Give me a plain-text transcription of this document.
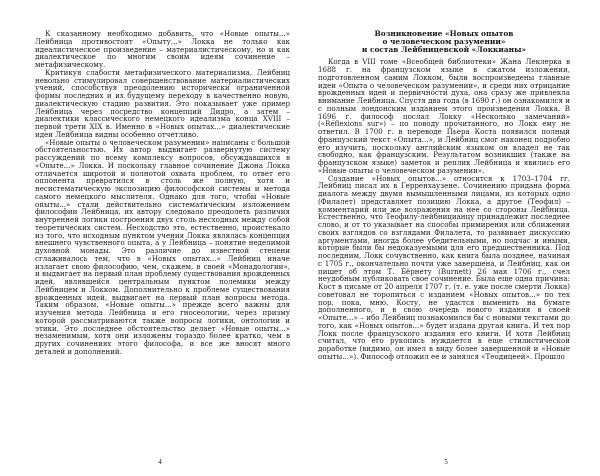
К сказанному необходимо добавить, что «Новые опыты...» Лейбница противостоят «Опыту...» Локка не только как идеалистическое произведение – материалистическому, но и как диалектическое по многим своим идеям сочинение – метафизическому.

Критикуя слабости метафизического материализма, Лейбниц невольно стимулировал совершенствование материалистических учений, способствуя преодолению исторически ограниченной формы последних и их будущему переходу в качественно новую, диалектическую стадию развития. Это показывает уже пример Лейбница через посредство концепций Дидро, а затем – диалектики классического немецкого идеализма конца XVIII – первой трети XIX в. Именно в «Новых опытах...» диалектические идеи Лейбница видны особенно отчетливо.

«Новые опыты о человеческом разумении» написаны с большой обстоятельностью. Их автор выдвигает развернутую систему рассуждений по всему комплексу вопросов, обсуждавшихся в «Опыте...» Локка. И поскольку главное сочинение Джона Локка отличается широтой и полнотой охвата проблем, то ответ его оппонента превратился в столь же полную, хотя и несистематическую экспозицию философской системы и метода самого немецкого мыслителя. Однако для того, чтобы «Новые опыты...» стали действительно систематическим изложением философии Лейбница, их автору следовало преодолеть различия внутренней логики построения двух столь несходных между собой теоретических систем. Несходство это, естественно, проистекало из того, что исходным пунктом учения Локка являлась концепция внешнего чувственного опыта, а у Лейбница – понятие неделимой духовной монады. Это различие до известной степени сглаживалось тем, что в «Новых опытах...» Лейбниц иначе излагает свою философию, чем, скажем, в своей «Монадологии», и выдвигает на первый план проблему существования врожденных идей, являвшейся центральным пунктом полемики между Лейбницем и Локком. Дополнительно к проблеме существования врожденных идей, выдвигает на первый план вопросы метода. Таким образом, «Новые опыты...» прежде всего важны для изучения метода Лейбница и его гносеологии, через призму которой рассматриваются также вопросы логики, онтологии и этики. Это последнее обстоятельство делает «Новые опыты...» незаменимым, хотя они изложены гораздо более кратко, чем в других сочинениях этого философа, и все же вносят много деталей и дополнений.

4
Возникновение «Новых опытов
о человеческом разумении»
и состав Лейбницевской «Локкианы»

Когда в VIII томе «Всеобщей библиотеки» Жана Леклерка в 1688 г. на французском языке в сжатом изложении, подготовленном самим Локком, были воспроизведены главные идеи «Опыта о человеческом разумении», и среди них отрицание врожденных идей и первичности духа, она сразу же привлекла внимание Лейбница. Спустя два года (в 1690 г.) он ознакомился и с полным лондонским изданием этого произведения Локка. В 1696 г. философ послал Локку «Несколько замечаний» («Réflexions sur») – по поводу прочитанного, но Локк ему не ответил. В 1700 г. в переводе Пьера Коста появился полный французский текст «Опыта...», и Лейбниц смог наконец подробно его изучить, поскольку английским языком он владел не так свободно, как французским. Результатом возникших (также на французском языке) заметок и реплик Лейбница и явились его «Новые опыты о человеческом разумении».

Создание «Новых опытов...» относится к 1703–1704 гг. Лейбниц писал их в Герренхаузене. Сочинению придана форма диалога между двумя вымышленными лицами, из которых одно (Филалет) представляет позицию Локка, а другое (Теофил) – комментарий или же возражения на нее со стороны Лейбница. Естественно, что Теофилу-лейбницианцу принадлежит последнее слово, и от то указывает на способы примирения или сближения своих взглядов со взглядами Филалета, то развивает дискуссию аргументами, иногда более убедительными, но подчас и иными, которые были бы недоказуемыми для его предшественника. Под последним, Локк сочувственно, как книга была позднее, начиная с 1705 г., окончательно почти уже завершена, и Лейбниц, как он пишет об этом Т. Бёрнету (Burnett) 26 мая 1706 г., счел неудобным публиковать свое сочинение. Была еще одна причина: Кост в письме от 20 апреля 1707 г. (т. е. уже после смерти Локка) советовал не торопиться с изданием «Новых опытов...» по тех пор, пока, мню, Косту, не удастся выменить на бумаге дополненного, и в свою очередь нового издания в своей «Опыте...» – ибо Лейбниц познакомился бы с новыми текстами до того, как «Новых опытов...» будет издана другая книга. И тех пор Локк после французского издания его книги. И хотя Лейбниц считал, что его рукопись нуждается в еще стилистической доработке (видимо, он имел в виду более завершенной и «Новые опыты...»). Философ отложил ее и занялся «Теодицеей». Прошло

5
